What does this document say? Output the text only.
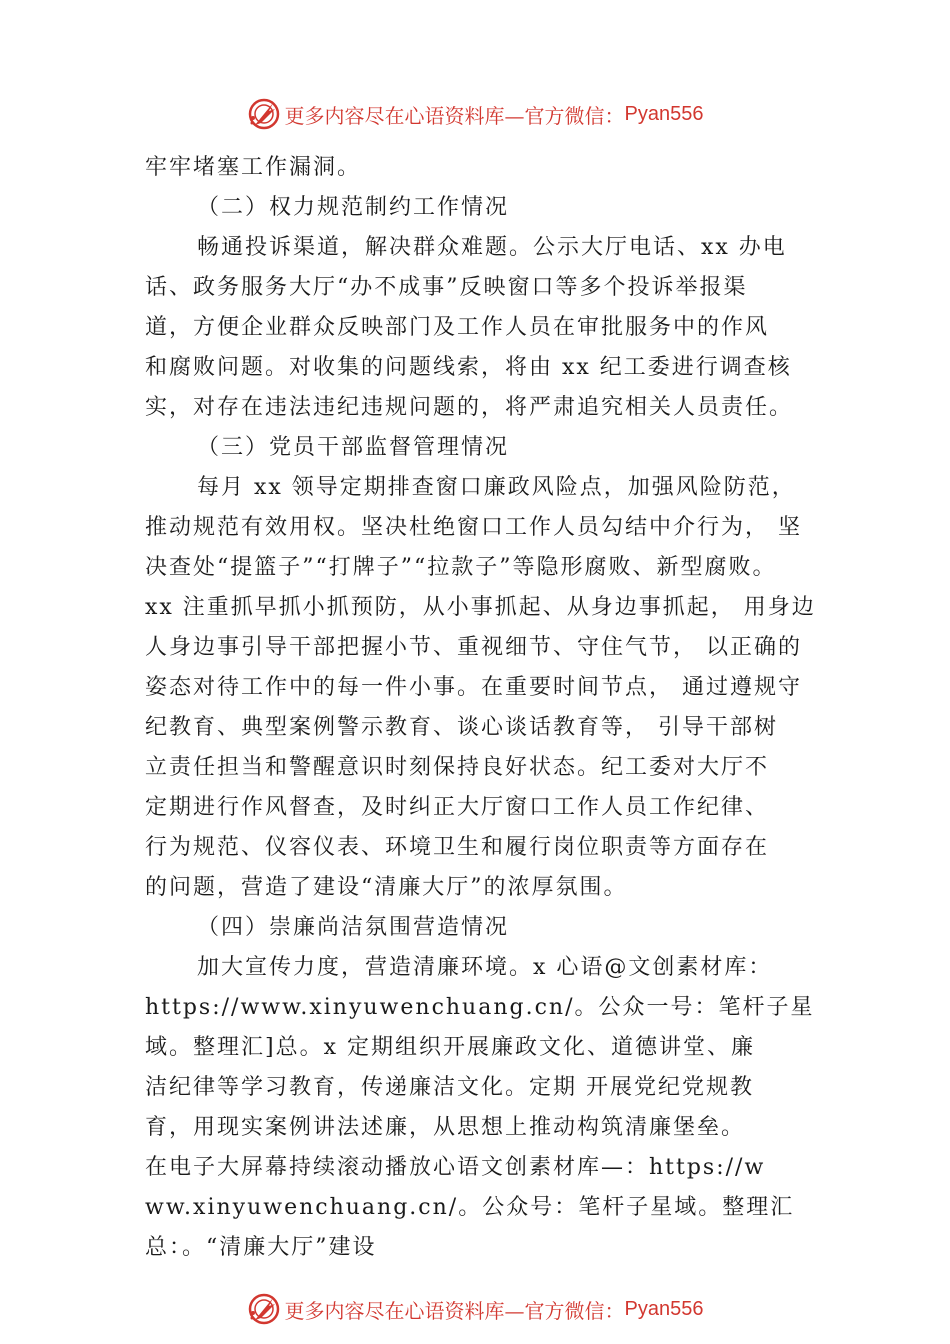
更多内容尽在心语资料库— 官方微信： Pyan556
牢牢堵塞工作漏洞。
（二）权力规范制约工作情况
畅通投诉渠道，解决群众难题。公示大厅电话、xx 办电
话、政务服务大厅“办不成事”反映窗口等多个投诉举报渠
道，方便企业群众反映部门及工作人员在审批服务中的作风
和腐败问题。对收集的问题线索，将由 xx 纪工委进行调查核
实，对存在违法违纪违规问题的，将严肃追究相关人员责任。
（三）党员干部监督管理情况
每月 xx 领导定期排查窗口廉政风险点，加强风险防范，
推动规范有效用权。坚决杜绝窗口工作人员勾结中介行为， 坚
决查处“提篮子”“打牌子”“拉款子”等隐形腐败、新型腐败。
xx 注重抓早抓小抓预防，从小事抓起、从身边事抓起， 用身边
人身边事引导干部把握小节、重视细节、守住气节， 以正确的
姿态对待工作中的每一件小事。在重要时间节点， 通过遵规守
纪教育、典型案例警示教育、谈心谈话教育等， 引导干部树
立责任担当和警醒意识时刻保持良好状态。纪工委对大厅不
定期进行作风督查，及时纠正大厅窗口工作人员工作纪律、
行为规范、仪容仪表、环境卫生和履行岗位职责等方面存在
的问题，营造了建设“清廉大厅”的浓厚氛围。
（四）崇廉尚洁氛围营造情况
加大宣传力度，营造清廉环境。x 心语@文创素材库：
https://www.xinyuwenchuang.cn/。公众一号：笔杆子星
域。整理汇]总。x 定期组织开展廉政文化、道德讲堂、廉
洁纪律等学习教育，传递廉洁文化。定期 开展党纪党规教
育，用现实案例讲法述廉，从思想上推动构筑清廉堡垒。
在电子大屏幕持续滚动播放心语文创素材库—：https://w
ww.xinyuwenchuang.cn/。公众号：笔杆子星域。整理汇
总：。“清廉大厅”建设
更多内容尽在心语资料库— 官方微信： Pyan556
